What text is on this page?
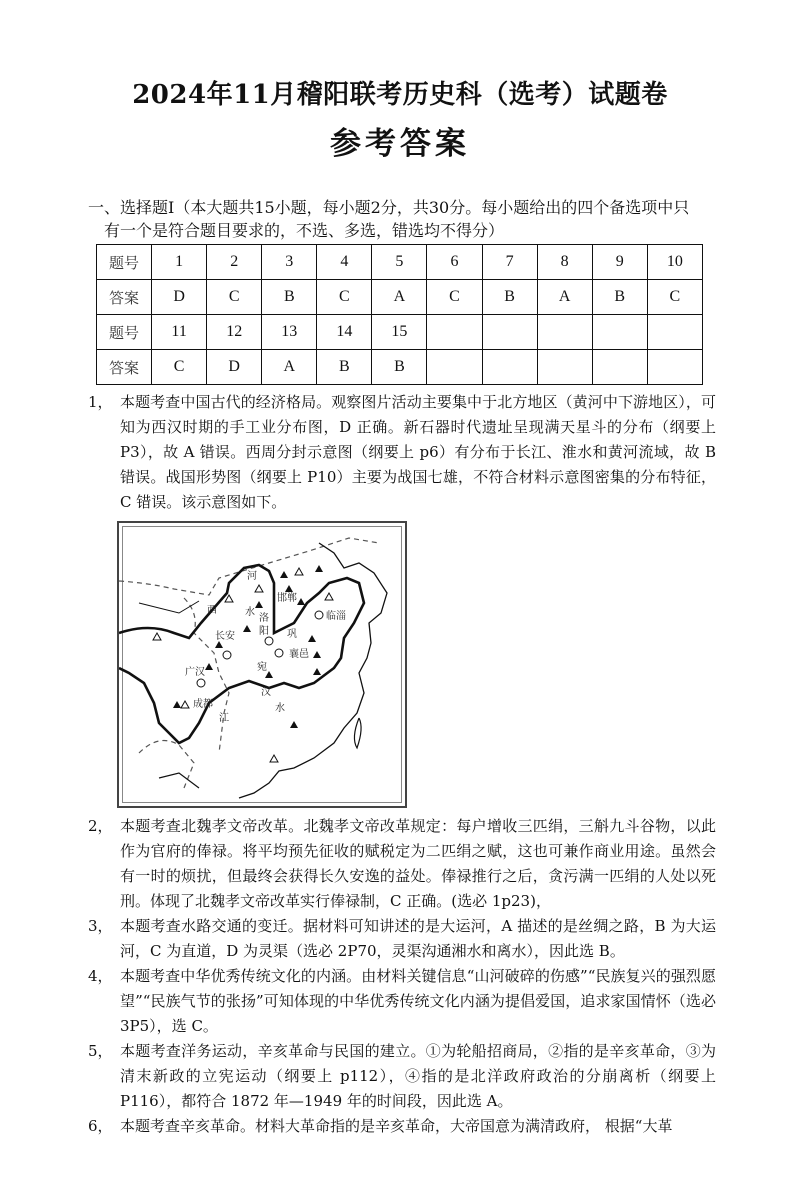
2024年11月稽阳联考历史科（选考）试题卷
参考答案
一、选择题Ⅰ（本大题共15小题，每小题2分，共30分。每小题给出的四个备选项中只
有一个是符合题目要求的，不选、多选，错选均不得分）
题号	1	2	3	4	5	6	7	8	9	10
答案	D	C	B	C	A	C	B	A	B	C
题号	11	12	13	14	15					
答案	C	D	A	B	B					
1， 本题考查中国古代的经济格局。观察图片活动主要集中于北方地区（黄河中下游地区），可知为西汉时期的手工业分布图，D 正确。新石器时代遗址呈现满天星斗的分布（纲要上 P3），故 A 错误。西周分封示意图（纲要上 p6）有分布于长江、淮水和黄河流域，故 B 错误。战国形势图（纲要上 P10）主要为战国七雄，不符合材料示意图密集的分布特征，C 错误。该示意图如下。
河
西	水
邯郸
洛
阳
临淄
长安	巩
襄邑
广汉	宛
成都
江
汉
水
2， 本题考查北魏孝文帝改革。北魏孝文帝改革规定：每户增收三匹绢，三斛九斗谷物，以此作为官府的俸禄。将平均预先征收的赋税定为二匹绢之赋，这也可兼作商业用途。虽然会有一时的烦扰，但最终会获得长久安逸的益处。俸禄推行之后，贪污满一匹绢的人处以死刑。体现了北魏孝文帝改革实行俸禄制，C 正确。(选必 1p23)，
3， 本题考查水路交通的变迁。据材料可知讲述的是大运河，A 描述的是丝绸之路，B 为大运河，C 为直道，D 为灵渠（选必 2P70，灵渠沟通湘水和离水），因此选 B。
4， 本题考查中华优秀传统文化的内涵。由材料关键信息“山河破碎的伤感”“民族复兴的强烈愿望”“民族气节的张扬”可知体现的中华优秀传统文化内涵为提倡爱国，追求家国情怀（选必 3P5），选 C。
5， 本题考查洋务运动，辛亥革命与民国的建立。①为轮船招商局，②指的是辛亥革命，③为清末新政的立宪运动（纲要上 p112），④指的是北洋政府政治的分崩离析（纲要上 P116），都符合 1872 年—1949 年的时间段，因此选 A。
6， 本题考查辛亥革命。材料大革命指的是辛亥革命，大帝国意为满清政府， 根据“大革
